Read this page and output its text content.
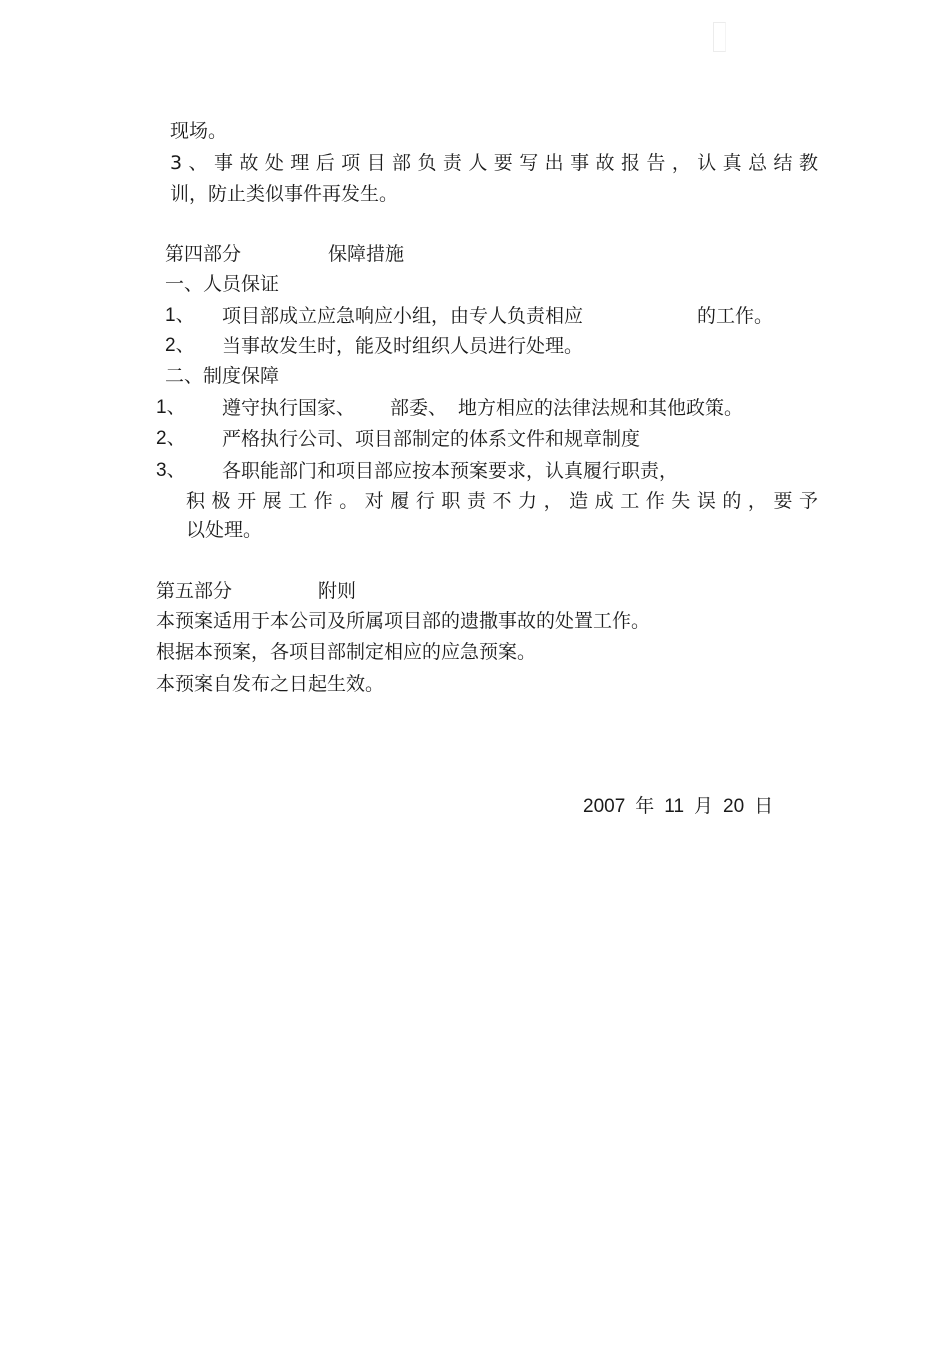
现场。
3、事故处理后项目部负责人要写出事故报告，认真总结教
训，防止类似事件再发生。
第四部分	保障措施
一、人员保证
1、 项目部成立应急响应小组，由专人负责相应	的工作。
2、 当事故发生时，能及时组织人员进行处理。
二、制度保障
1、 遵守执行国家、 部委、 地方相应的法律法规和其他政策。
2、 严格执行公司、项目部制定的体系文件和规章制度
3、 各职能部门和项目部应按本预案要求，认真履行职责，
积极开展工作。对履行职责不力，造成工作失误的，要予
以处理。
第五部分	附则
本预案适用于本公司及所属项目部的遗撒事故的处置工作。
根据本预案，各项目部制定相应的应急预案。
本预案自发布之日起生效。
2007 年 11 月 20 日
